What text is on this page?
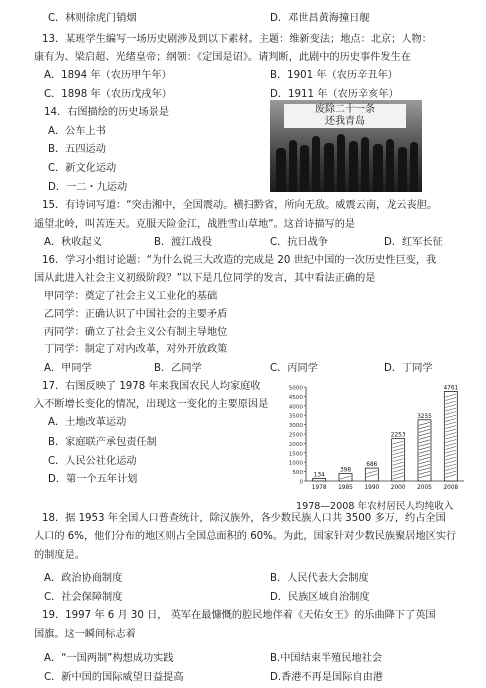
C．林则徐虎门销烟	D．邓世昌黄海撞日舰
13．某班学生编写一场历史剧涉及到以下素材。主题：维新变法；地点：北京；人物：
康有为、梁启超、光绪皇帝；纲领：《定国是诏》。请判断，此剧中的历史事件发生在
A．1894 年（农历甲午年）	B．1901 年（农历辛丑年）
C．1898 年（农历戊戌年）	D．1911 年（农历辛亥年）
14．右图描绘的历史场景是
A．公车上书
B．五四运动
C．新文化运动
D．一二・九运动
15．有诗词写道：“突击湘中，全国震动。横扫黔省，所向无敌。威震云南，龙云丧胆。
遥望北岭，叫苦连天。克服天险金江，战胜雪山草地”。这首诗描写的是
A．秋收起义	B．渡江战役	C．抗日战争	D．红军长征
16．学习小组讨论题：“为什么说三大改造的完成是 20 世纪中国的一次历史性巨变，我
国从此进入社会主义初级阶段？”以下是几位同学的发言，其中看法正确的是
甲同学：奠定了社会主义工业化的基础
乙同学：正确认识了中国社会的主要矛盾
丙同学：确立了社会主义公有制主导地位
丁同学：制定了对内改革，对外开放政策
A．甲同学	B．乙同学	C．丙同学	D．丁同学
17．右图反映了 1978 年来我国农民人均家庭收
入不断增长变化的情况，出现这一变化的主要原因是
A．土地改革运动
B．家庭联产承包责任制
C．人民公社化运动
D．第一个五年计划
18．据 1953 年全国人口普查统计，除汉族外，各少数民族人口共 3500 多万，约占全国
人口的 6%，他们分布的地区则占全国总面积的 60%。为此，国家针对少数民族聚居地区实行
的制度是。
A．政治协商制度	B．人民代表大会制度
C．社会保障制度	D．民族区域自治制度
19．1997 年 6 月 30 日， 英军在最慷慨的腔民地伴着《天佑女王》的乐曲降下了英国
国旗。这一瞬间标志着
A．“一国两制”构想成功实践	B.中国结束半殖民地社会
C．新中国的国际威望日益提高	D.香港不再是国际自由港
废除二十一条
还我青岛
5000
4500
4000
3500
3000
2500
2000
1500
1000
500
0
134
1978
398
1985
686
1990
2253
2000
3255
2005
4761
2008
1978—2008 年农村居民人均纯收入
